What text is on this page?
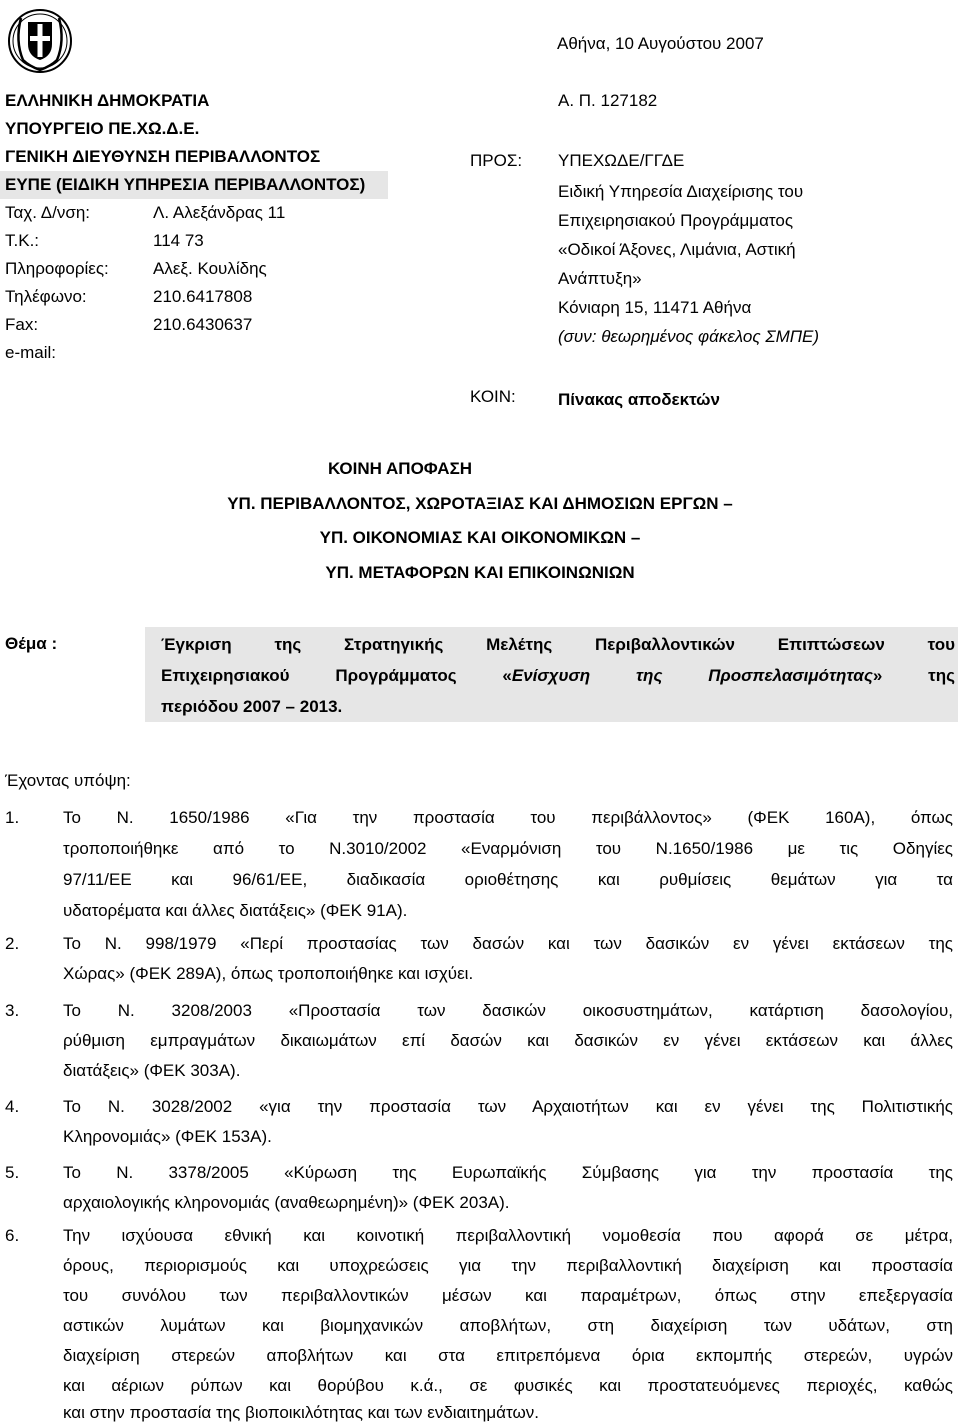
Αθήνα, 10 Αυγούστου 2007
ΕΛΛΗΝΙΚΗ ΔΗΜΟΚΡΑΤΙΑ
ΥΠΟΥΡΓΕΙΟ ΠΕ.ΧΩ.Δ.Ε.
ΓΕΝΙΚΗ ΔΙΕΥΘΥΝΣΗ ΠΕΡΙΒΑΛΛΟΝΤΟΣ
ΕΥΠΕ (ΕΙΔΙΚΗ ΥΠΗΡΕΣΙΑ ΠΕΡΙΒΑΛΛΟΝΤΟΣ)
Ταχ. Δ/νση:	Λ. Αλεξάνδρας 11
Τ.Κ.:	114 73
Πληροφορίες:	Αλεξ. Κουλίδης
Τηλέφωνο:	210.6417808
Fax:	210.6430637
e-mail:
Α. Π. 127182
ΠΡΟΣ: ΥΠΕΧΩΔΕ/ΓΓΔΕ
Ειδική Υπηρεσία Διαχείρισης του
Επιχειρησιακού Προγράμματος
«Οδικοί Άξονες, Λιμάνια, Αστική
Ανάπτυξη»
Κόνιαρη 15, 11471 Αθήνα
(συν: θεωρημένος φάκελος ΣΜΠΕ)
ΚΟΙΝ: Πίνακας αποδεκτών
ΚΟΙΝΗ ΑΠΟΦΑΣΗ
ΥΠ. ΠΕΡΙΒΑΛΛΟΝΤΟΣ, ΧΩΡΟΤΑΞΙΑΣ ΚΑΙ ΔΗΜΟΣΙΩΝ ΕΡΓΩΝ –
ΥΠ. ΟΙΚΟΝΟΜΙΑΣ ΚΑΙ ΟΙΚΟΝΟΜΙΚΩΝ –
ΥΠ. ΜΕΤΑΦΟΡΩΝ ΚΑΙ ΕΠΙΚΟΙΝΩΝΙΩΝ
Θέμα :	Έγκριση της Στρατηγικής Μελέτης Περιβαλλοντικών Επιπτώσεων του
Επιχειρησιακού Προγράμματος «Ενίσχυση της Προσπελασιμότητας» της
περιόδου 2007 – 2013.
Έχοντας υπόψη:
1.	Το Ν. 1650/1986 «Για την προστασία του περιβάλλοντος» (ΦΕΚ 160Α), όπως
τροποποιήθηκε από το Ν.3010/2002 «Εναρμόνιση του Ν.1650/1986 με τις Οδηγίες
97/11/ΕΕ και 96/61/ΕΕ, διαδικασία οριοθέτησης και ρυθμίσεις θεμάτων για τα
υδατορέματα και άλλες διατάξεις» (ΦΕΚ 91Α).
2.	Το Ν. 998/1979 «Περί προστασίας των δασών και των δασικών εν γένει εκτάσεων της
Χώρας» (ΦΕΚ 289Α), όπως τροποποιήθηκε και ισχύει.
3.	Το Ν. 3208/2003 «Προστασία των δασικών οικοσυστημάτων, κατάρτιση δασολογίου,
ρύθμιση εμπραγμάτων δικαιωμάτων επί δασών και δασικών εν γένει εκτάσεων και άλλες
διατάξεις» (ΦΕΚ 303Α).
4.	Το Ν. 3028/2002 «για την προστασία των Αρχαιοτήτων και εν γένει της Πολιτιστικής
Κληρονομιάς» (ΦΕΚ 153Α).
5.	Το Ν. 3378/2005 «Κύρωση της Ευρωπαϊκής Σύμβασης για την προστασία της
αρχαιολογικής κληρονομιάς (αναθεωρημένη)» (ΦΕΚ 203Α).
6.	Την ισχύουσα εθνική και κοινοτική περιβαλλοντική νομοθεσία που αφορά σε μέτρα,
όρους, περιορισμούς και υποχρεώσεις για την περιβαλλοντική διαχείριση και προστασία
του συνόλου των περιβαλλοντικών μέσων και παραμέτρων, όπως στην επεξεργασία
αστικών λυμάτων και βιομηχανικών αποβλήτων, στη διαχείριση των υδάτων, στη
διαχείριση στερεών αποβλήτων και στα επιτρεπόμενα όρια εκπομπής στερεών, υγρών
και αέριων ρύπων και θορύβου κ.ά., σε φυσικές και προστατευόμενες περιοχές, καθώς
και στην προστασία της βιοποικιλότητας και των ενδιαιτημάτων.
